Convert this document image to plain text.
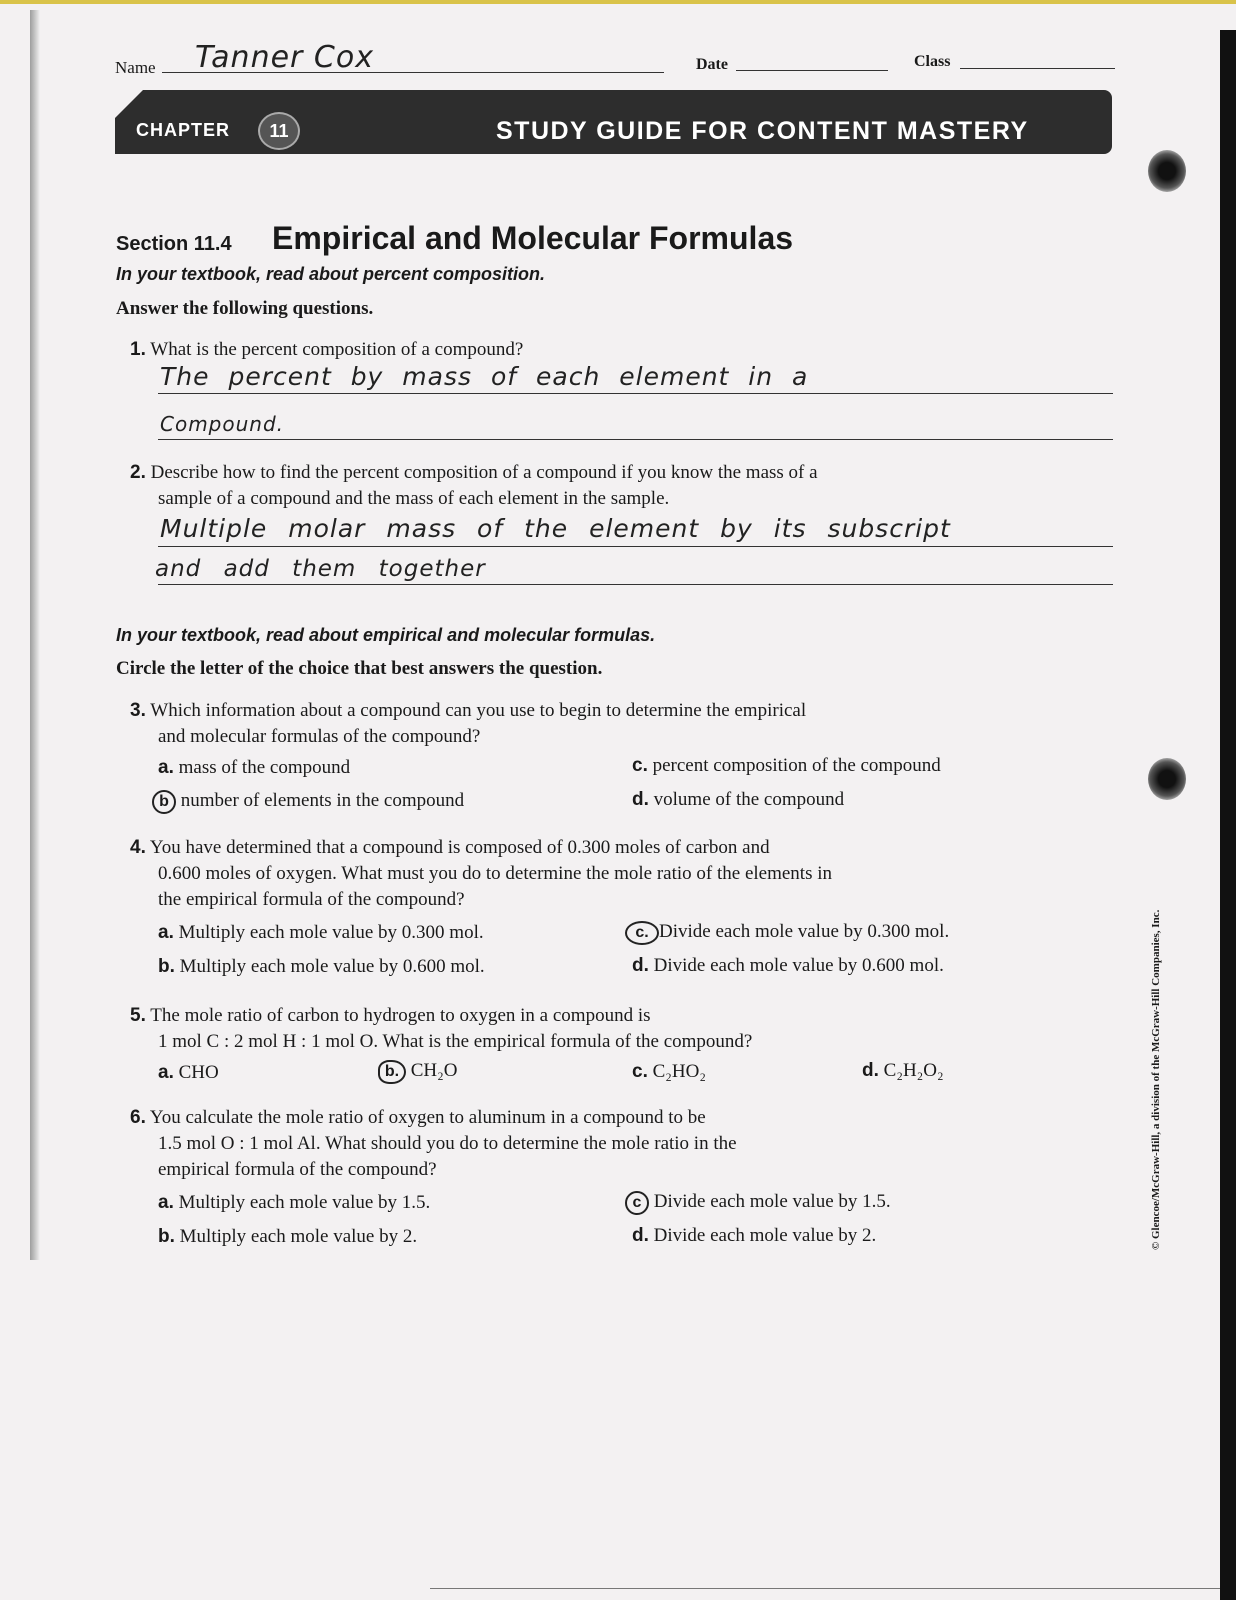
Name Tanner Cox	Date	Class
CHAPTER	11	STUDY GUIDE FOR CONTENT MASTERY
Section 11.4 Empirical and Molecular Formulas
In your textbook, read about percent composition.
Answer the following questions.
1. What is the percent composition of a compound?
The percent by mass of each element in a
Compound.
2. Describe how to find the percent composition of a compound if you know the mass of a
sample of a compound and the mass of each element in the sample.
Multiple molar mass of the element by its subscript
and add them together
In your textbook, read about empirical and molecular formulas.
Circle the letter of the choice that best answers the question.
3. Which information about a compound can you use to begin to determine the empirical
and molecular formulas of the compound?
a. mass of the compound	c. percent composition of the compound
b number of elements in the compound	d. volume of the compound
4. You have determined that a compound is composed of 0.300 moles of carbon and
0.600 moles of oxygen. What must you do to determine the mole ratio of the elements in
the empirical formula of the compound?
a. Multiply each mole value by 0.300 mol.	c. Divide each mole value by 0.300 mol.
b. Multiply each mole value by 0.600 mol.	d. Divide each mole value by 0.600 mol.
5. The mole ratio of carbon to hydrogen to oxygen in a compound is
1 mol C : 2 mol H : 1 mol O. What is the empirical formula of the compound?
a. CHO	b. CH₂O	c. C₂HO₂	d. C₂H₂O₂
6. You calculate the mole ratio of oxygen to aluminum in a compound to be
1.5 mol O : 1 mol Al. What should you do to determine the mole ratio in the
empirical formula of the compound?
a. Multiply each mole value by 1.5.	c Divide each mole value by 1.5.
b. Multiply each mole value by 2.	d. Divide each mole value by 2.	© Glencoe/McGraw-Hill, a division of the McGraw-Hill Companies, Inc.
